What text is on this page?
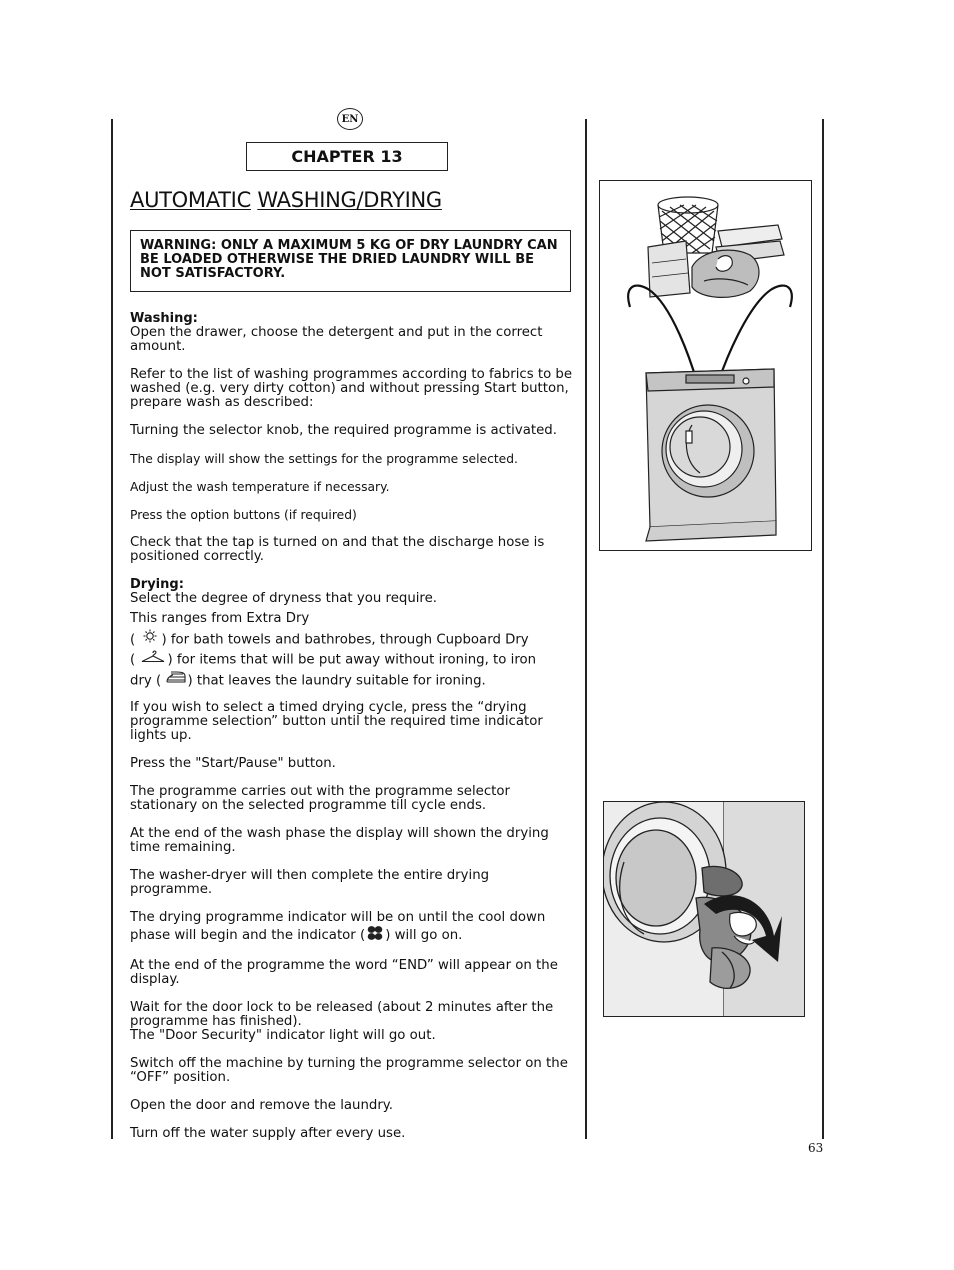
EN
CHAPTER 13
AUTOMATIC WASHING/DRYING
WARNING: ONLY A MAXIMUM 5 KG OF DRY LAUNDRY CAN BE LOADED OTHERWISE THE DRIED LAUNDRY WILL BE NOT SATISFACTORY.
Washing:

Open the drawer, choose the detergent and put in the correct amount.

Refer to the list of washing programmes according to fabrics to be washed (e.g. very dirty cotton) and without pressing Start button, prepare wash as described:

Turning the selector knob, the required programme is activated.

The display will show the settings for the programme selected.

Adjust the wash temperature if necessary.

Press the option buttons (if required)

Check that the tap is turned on and that the discharge hose is positioned correctly.

Drying:

Select the degree of dryness that you require.

This ranges from Extra Dry

( ) for bath towels and bathrobes, through Cupboard Dry

( ) for items that will be put away without ironing, to iron

dry ( ) that leaves the laundry suitable for ironing.

If you wish to select a timed drying cycle, press the “drying programme selection” button until the required time indicator lights up.

Press the "Start/Pause" button.

The programme carries out with the programme selector stationary on the selected programme till cycle ends.

At the end of the wash phase the display will shown the drying time remaining.

The washer-dryer will then complete the entire drying programme.

The drying programme indicator will be on until the cool down phase will begin and the indicator ( ) will go on.

At the end of the programme the word “END” will appear on the display.

Wait for the door lock to be released (about 2 minutes after the programme has finished).

The "Door Security" indicator light will go out.

Switch off the machine by turning the programme selector on the “OFF” position.

Open the door and remove the laundry.

Turn off the water supply after every use.

63
